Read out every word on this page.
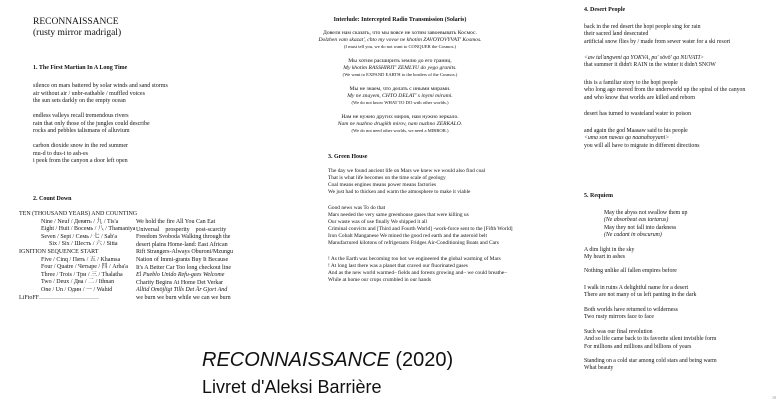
RECONNAISSANCE
(rusty mirror madrigal)
1. The First Martian In A Long Time
silence on mars battered by solar winds and sand storms
air without air / unbr-eathable / muffled voices
the sun sets darkly on the empty ocean
endless valleys recall tremendous rivers
rain that only those of the jungles could describe
rocks and pebbles talismans of alluvium
carbon dioxide snow in the red summer
mu-d to dus-t to ash-es
i peek from the canyon a door left open
2. Count Down
TEN (THOUSAND YEARS) AND COUNTING
Nine / Neuf / Девять / 九 / Tis'a
Eight / Huit / Восемь / 八 / Thamaniya
Seven / Sept / Семь / 七 / Sab'a
Six / Six / Шесть / 六 / Sitta
IGNITION SEQUENCE START
Five / Cinq / Пять / 五 / Khamsa
Four / Quatre / Четыре / 四 / Arba'a
Three / Trois / Три / 三 / Thalatha
Two / Deux / Два / 二 / Ithnan
One / Un / Один / 一 / Wahid
LiFtoFF…………………………
We hold the fire All You Can Eat
Universal    prosperity    post-scarcity
Freedom Svoboda Walking through the
desert plains Home-land: East African
Rift Strangers-Always Oburoni/Mzungu
Nation of Immi-grants Buy It Because
It's A Better Car Too long checkout line
El Pueblo Unido Refu-gees Welcome
Charity Begins At Home Det Verkar
Alltid Omöjligt Tills Det Är Gjort And
we burn we burn while we can we burn
Interlude: Intercepted Radio Transmission (Solaris)
Довели нам сказать, что мы вовсе не хотим завоевывать Космос.
Dolzhen vam skazat', chto my vovse ne khotim ZAVOYOVYVAT' Kosmos.
(I must tell you, we do not want to CONQUER the Cosmos.)
Мы хотим расширить землю до его границ.
My khotim RASSHIRIT' ZEMLYU do yego granits.
(We want to EXPAND EARTH to the borders of the Cosmos.)
Мы не знаем, что делать с иными мирами.
My ne znayem, CHTO DELAT' s inymi mirami.
(We do not know WHAT TO DO with other worlds.)
Нам не нужно других миров, нам нужно зеркало.
Nam ne nuzhno drugikh mirov, nam nuzhno ZERKALO.
(We do not need other worlds, we need a MIRROR.)
3. Green House
The day we found ancient life on Mars we knew we would also find coal
That is what life becomes on the time scale of geology
Coal means engines means power means factories
We just had to thicken and warm the atmosphere to make it viable
Good news was To do that
Mars needed the very same greenhouse gases that were killing us
Our waste was of use finally We shipped it all
Criminal convicts and [Third and Fourth World] -work-force sent to the [Fifth World]
Iron Cobalt Manganese We mined the good red earth and the asteroid belt
Manufactured kilotons of refrigerants Fridges Air-Conditioning Boats and Cars
! As the Earth was becoming too hot we engineered the global warming of Mars
! At long last there was a planet that craved our fluorinated gases
And as the new world warmed– fields and forests growing and– we could breathe–
While at home our crops crumbled in our hands
4. Desert People
back in the red desert the hopi people sing for rain
their sacred land desecrated
artificial snow flies by / made from sewer water for a ski resort
<aw tal'angwmi qa YOKVA, pu' sövö' qa NUVATI>
that summer it didn't RAIN in the winter it didn't SNOW
this is a familiar story to the hopi people
who long ago moved from the underworld up the spiral of the canyon
and who know that worlds are killed and reborn
desert has turned to wasteland water to poison
and again the god Maasaw said to his people
<uma son nawus qa naanahoyyani>
you will all have to migrate in different directions
5. Requiem
May the abyss not swallow them up
(Ne absorbeat eas tartarus)
May they not fall into darkness
(Ne cadant in obscurum)
A dim light in the sky
My heart in ashes
Nothing unlike all fallen empires before
I walk in ruins A delightful name for a desert
There are not many of us left panting in the dark
Both worlds have returned to wilderness
Two rusty mirrors face to face
Such was our final revolution
And so life came back to its favorite silent invisible form
For millions and millions and billions of years
Standing on a cold star among cold stars and being warm
What beauty
10
RECONNAISSANCE (2020)
Livret d'Aleksi Barrière
